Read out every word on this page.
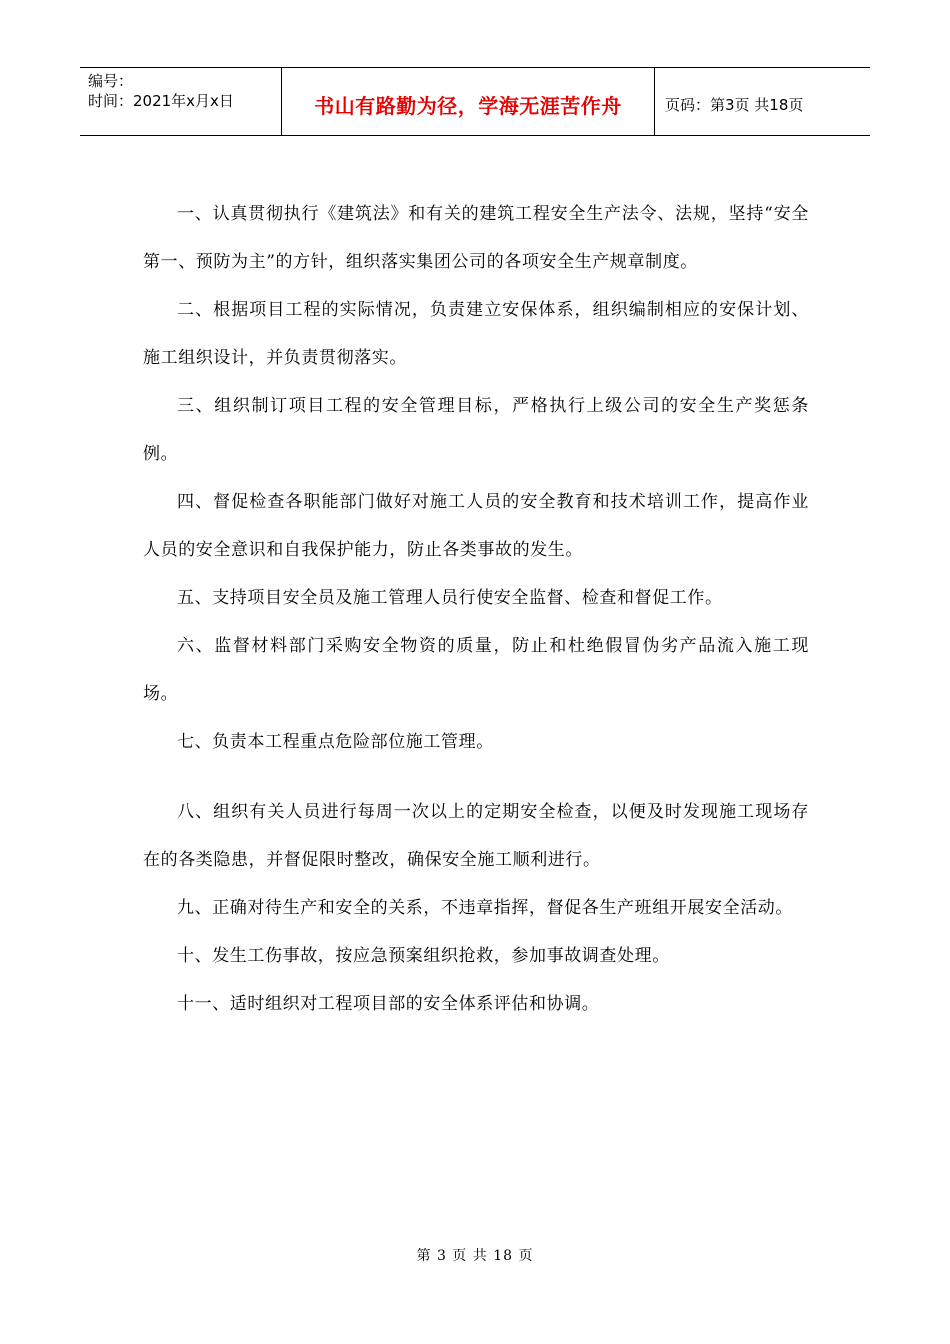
编号：
时间：2021年x月x日	书山有路勤为径，学海无涯苦作舟	页码：第3页 共18页

一、认真贯彻执行《建筑法》和有关的建筑工程安全生产法令、法规，坚持“安全第一、预防为主”的方针，组织落实集团公司的各项安全生产规章制度。

二、根据项目工程的实际情况，负责建立安保体系，组织编制相应的安保计划、施工组织设计，并负责贯彻落实。

三、组织制订项目工程的安全管理目标，严格执行上级公司的安全生产奖惩条例。

四、督促检查各职能部门做好对施工人员的安全教育和技术培训工作，提高作业人员的安全意识和自我保护能力，防止各类事故的发生。

五、支持项目安全员及施工管理人员行使安全监督、检查和督促工作。

六、监督材料部门采购安全物资的质量，防止和杜绝假冒伪劣产品流入施工现场。

七、负责本工程重点危险部位施工管理。

八、组织有关人员进行每周一次以上的定期安全检查，以便及时发现施工现场存在的各类隐患，并督促限时整改，确保安全施工顺利进行。

九、正确对待生产和安全的关系，不违章指挥，督促各生产班组开展安全活动。

十、发生工伤事故，按应急预案组织抢救，参加事故调查处理。

十一、适时组织对工程项目部的安全体系评估和协调。

第 3 页 共 18 页
